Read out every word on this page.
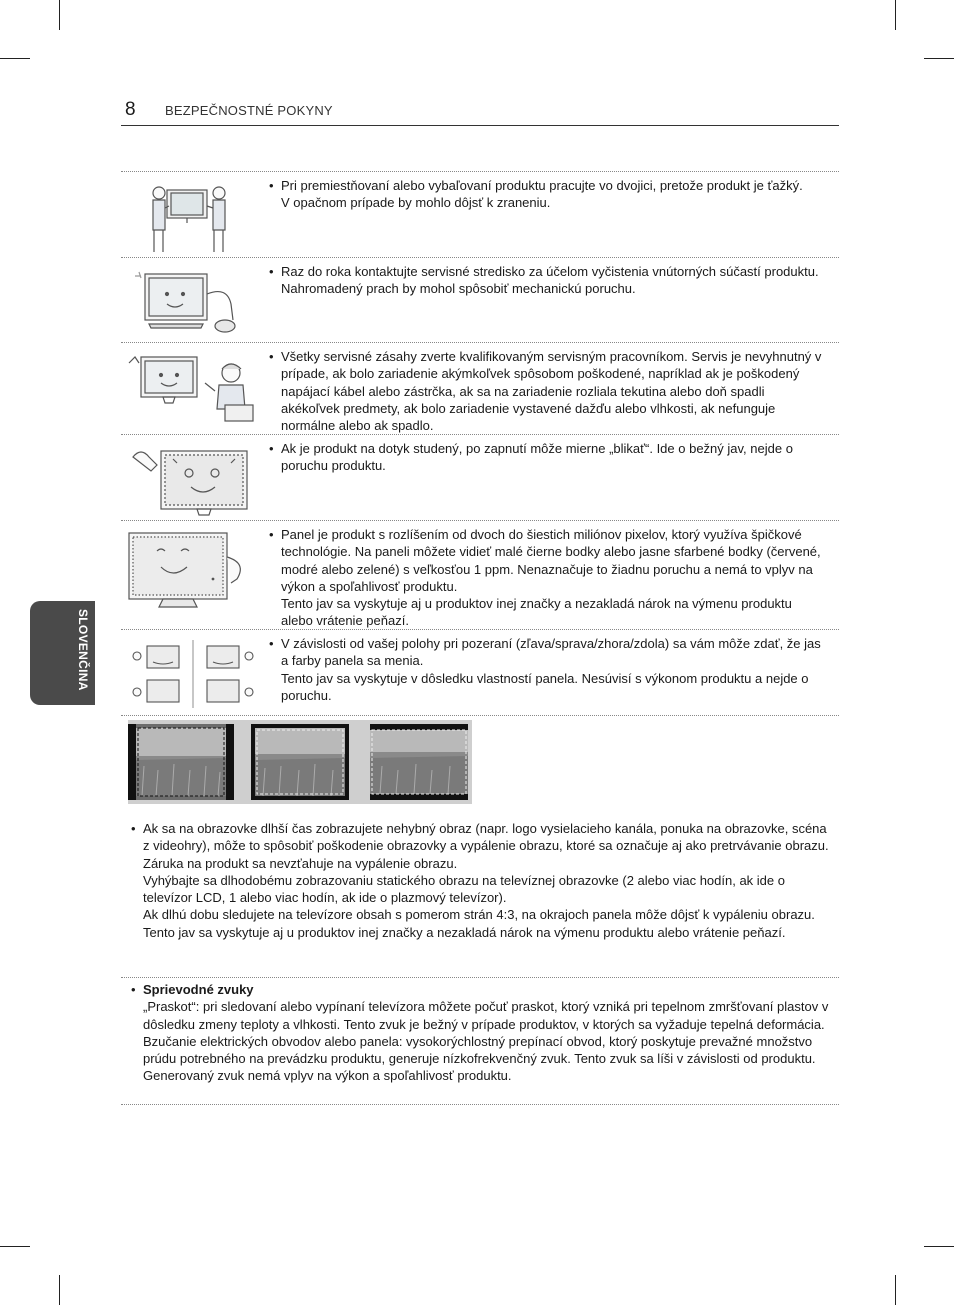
8 BEZPEČNOSTNÉ POKYNY
SLOVENČINA
• Pri premiestňovaní alebo vybaľovaní produktu pracujte vo dvojici, pretože produkt je ťažký.

V opačnom prípade by mohlo dôjsť k zraneniu.

• Raz do roka kontaktujte servisné stredisko za účelom vyčistenia vnútorných súčastí produktu.

Nahromadený prach by mohol spôsobiť mechanickú poruchu.

• Všetky servisné zásahy zverte kvalifikovaným servisným pracovníkom. Servis je nevyhnutný v prípade, ak bolo zariadenie akýmkoľvek spôsobom poškodené, napríklad ak je poškodený napájací kábel alebo zástrčka, ak sa na zariadenie rozliala tekutina alebo doň spadli akékoľvek predmety, ak bolo zariadenie vystavené dažďu alebo vlhkosti, ak nefunguje normálne alebo ak spadlo.

• Ak je produkt na dotyk studený, po zapnutí môže mierne „blikať“. Ide o bežný jav, nejde o poruchu produktu.

• Panel je produkt s rozlíšením od dvoch do šiestich miliónov pixelov, ktorý využíva špičkové technológie. Na paneli môžete vidieť malé čierne bodky alebo jasne sfarbené bodky (červené, modré alebo zelené) s veľkosťou 1 ppm. Nenaznačuje to žiadnu poruchu a nemá to vplyv na výkon a spoľahlivosť produktu.

Tento jav sa vyskytuje aj u produktov inej značky a nezakladá nárok na výmenu produktu alebo vrátenie peňazí.

• V závislosti od vašej polohy pri pozeraní (zľava/sprava/zhora/zdola) sa vám môže zdať, že jas a farby panela sa menia.

Tento jav sa vyskytuje v dôsledku vlastností panela. Nesúvisí s výkonom produktu a nejde o poruchu.

• Ak sa na obrazovke dlhší čas zobrazujete nehybný obraz (napr. logo vysielacieho kanála, ponuka na obrazovke, scéna z videohry), môže to spôsobiť poškodenie obrazovky a vypálenie obrazu, ktoré sa označuje aj ako pretrvávanie obrazu. Záruka na produkt sa nevzťahuje na vypálenie obrazu.

Vyhýbajte sa dlhodobému zobrazovaniu statického obrazu na televíznej obrazovke (2 alebo viac hodín, ak ide o televízor LCD, 1 alebo viac hodín, ak ide o plazmový televízor).

Ak dlhú dobu sledujete na televízore obsah s pomerom strán 4:3, na okrajoch panela môže dôjsť k vypáleniu obrazu.

Tento jav sa vyskytuje aj u produktov inej značky a nezakladá nárok na výmenu produktu alebo vrátenie peňazí.

• Sprievodné zvuky

„Praskot“: pri sledovaní alebo vypínaní televízora môžete počuť praskot, ktorý vzniká pri tepelnom zmršťovaní plastov v dôsledku zmeny teploty a vlhkosti. Tento zvuk je bežný v prípade produktov, v ktorých sa vyžaduje tepelná deformácia. Bzučanie elektrických obvodov alebo panela: vysokorýchlostný prepínací obvod, ktorý poskytuje prevažné množstvo prúdu potrebného na prevádzku produktu, generuje nízkofrekvenčný zvuk. Tento zvuk sa líši v závislosti od produktu.

Generovaný zvuk nemá vplyv na výkon a spoľahlivosť produktu.
